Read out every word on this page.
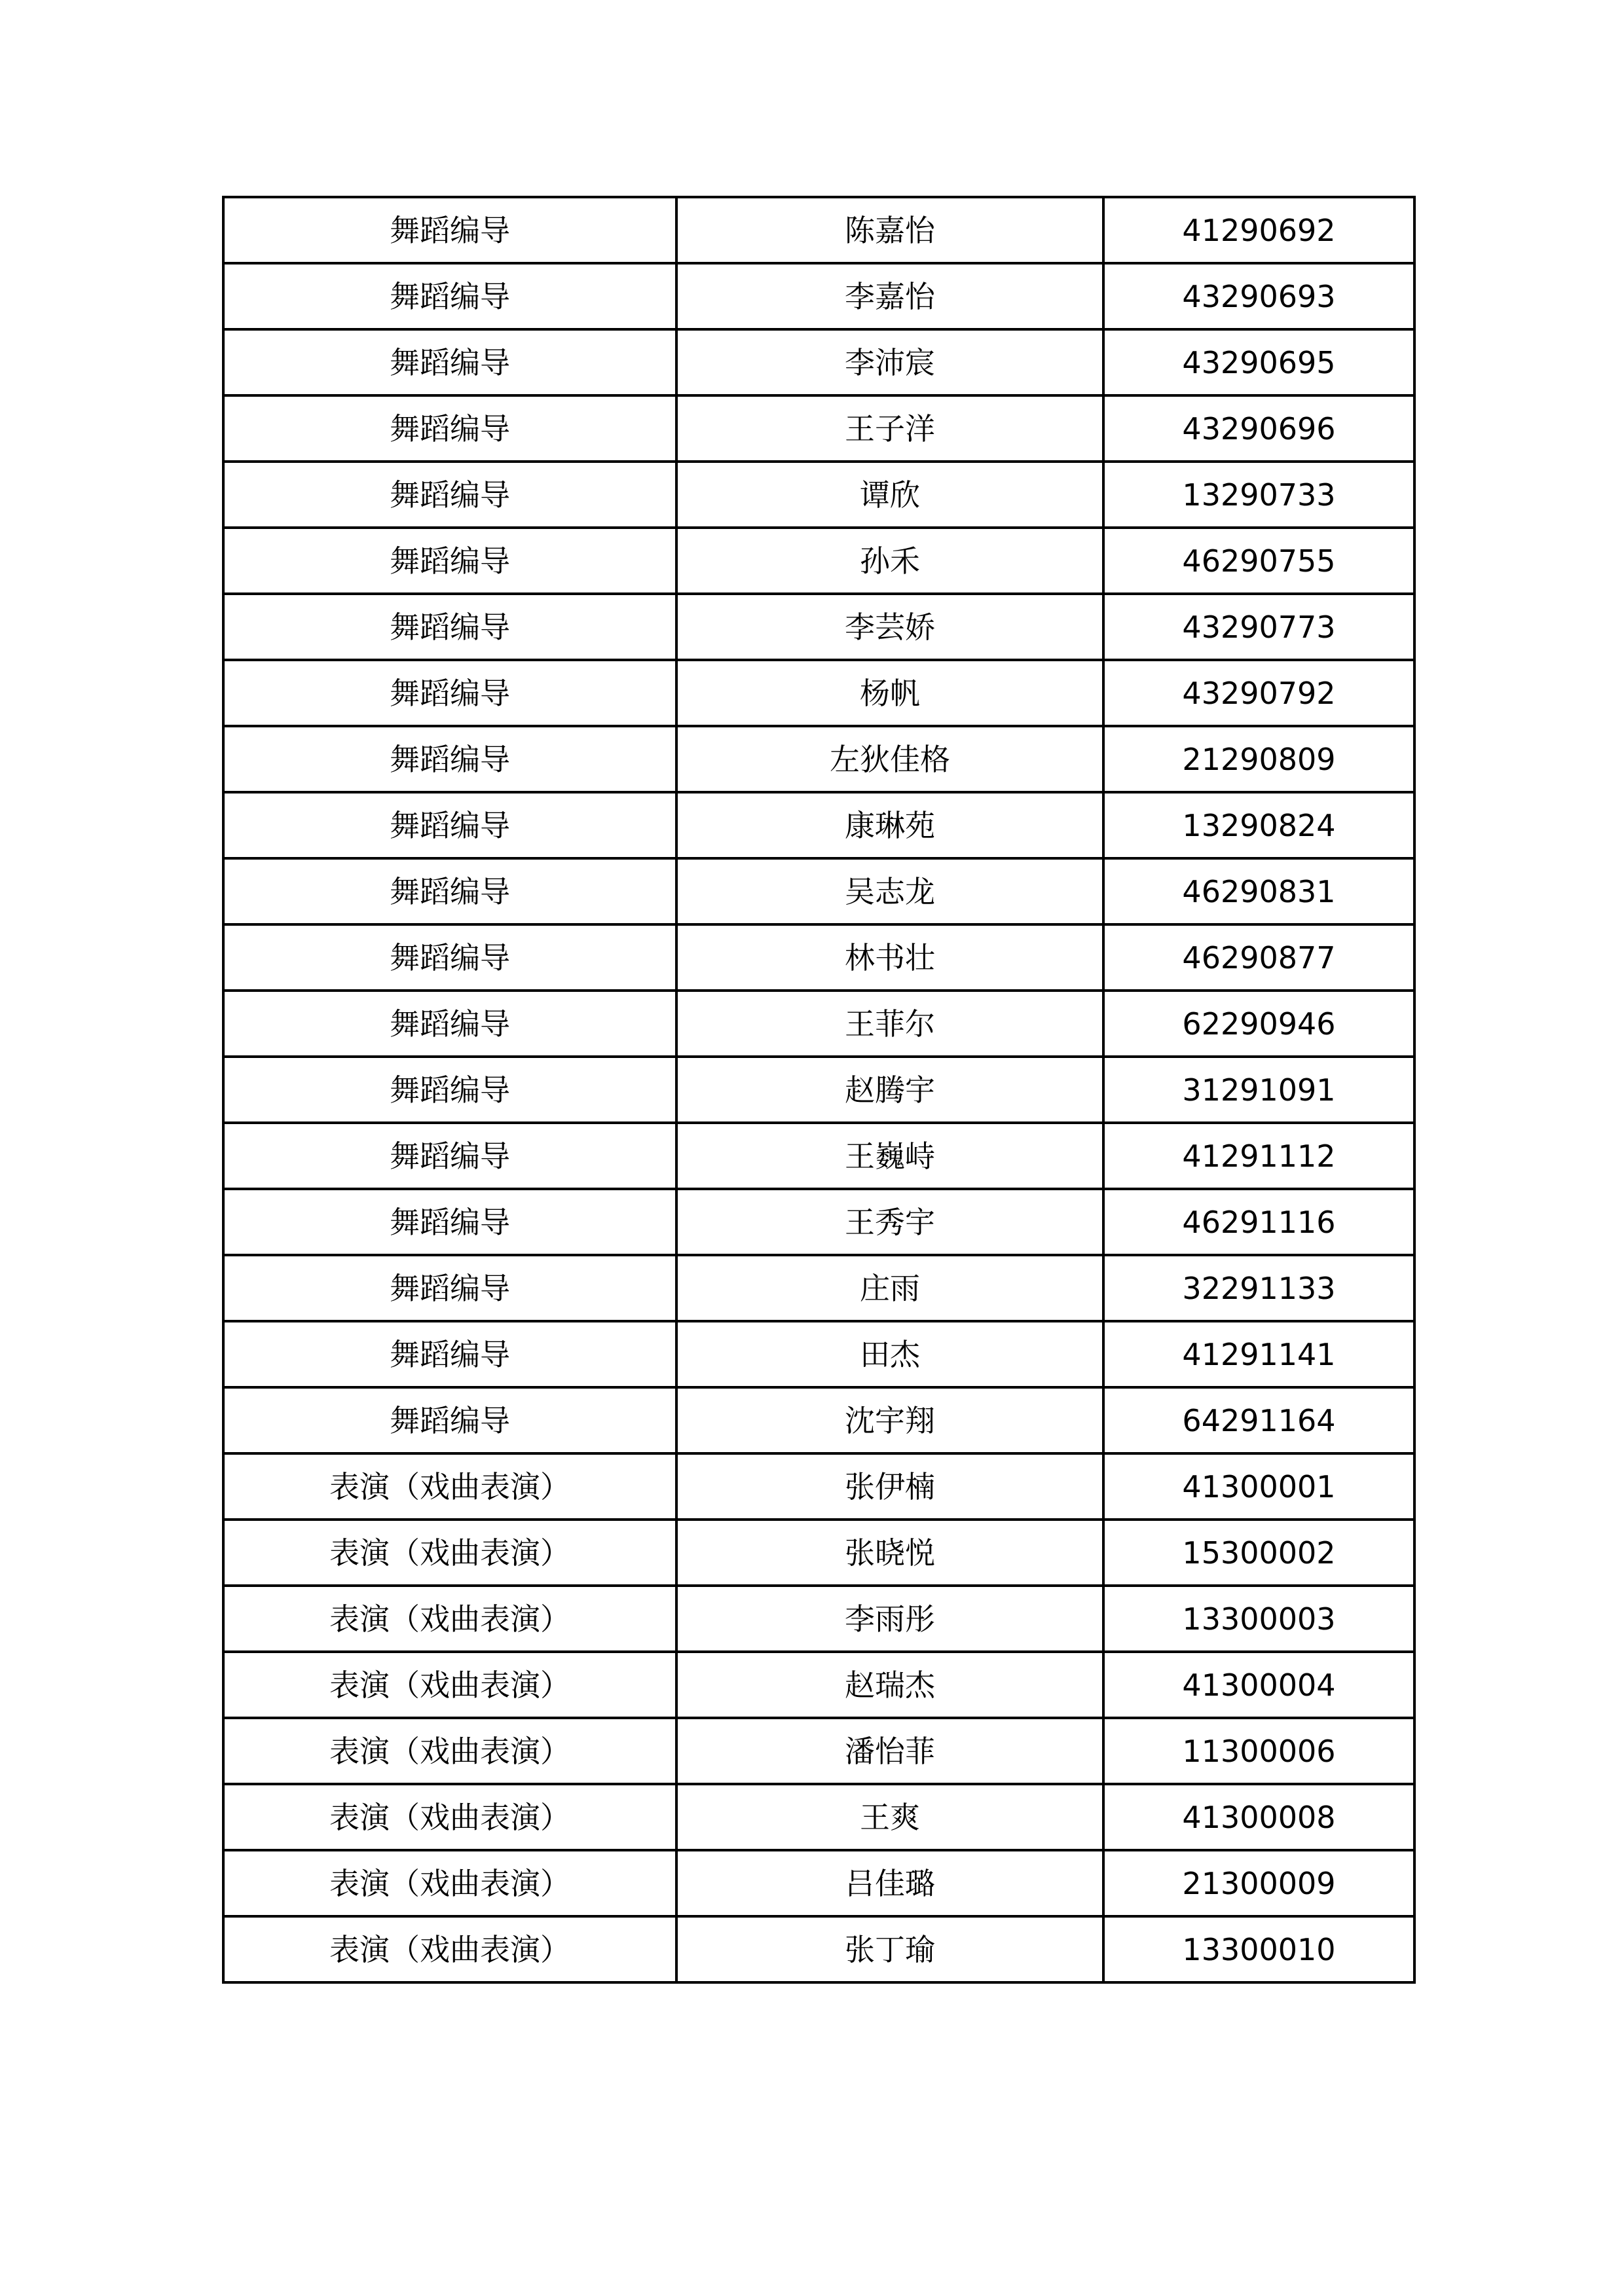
舞蹈编导	陈嘉怡	41290692
舞蹈编导	李嘉怡	43290693
舞蹈编导	李沛宸	43290695
舞蹈编导	王子洋	43290696
舞蹈编导	谭欣	13290733
舞蹈编导	孙禾	46290755
舞蹈编导	李芸娇	43290773
舞蹈编导	杨帆	43290792
舞蹈编导	左狄佳格	21290809
舞蹈编导	康琳苑	13290824
舞蹈编导	吴志龙	46290831
舞蹈编导	林书壮	46290877
舞蹈编导	王菲尔	62290946
舞蹈编导	赵腾宇	31291091
舞蹈编导	王巍峙	41291112
舞蹈编导	王秀宇	46291116
舞蹈编导	庄雨	32291133
舞蹈编导	田杰	41291141
舞蹈编导	沈宇翔	64291164
表演（戏曲表演）	张伊楠	41300001
表演（戏曲表演）	张晓悦	15300002
表演（戏曲表演）	李雨彤	13300003
表演（戏曲表演）	赵瑞杰	41300004
表演（戏曲表演）	潘怡菲	11300006
表演（戏曲表演）	王爽	41300008
表演（戏曲表演）	吕佳璐	21300009
表演（戏曲表演）	张丁瑜	13300010
